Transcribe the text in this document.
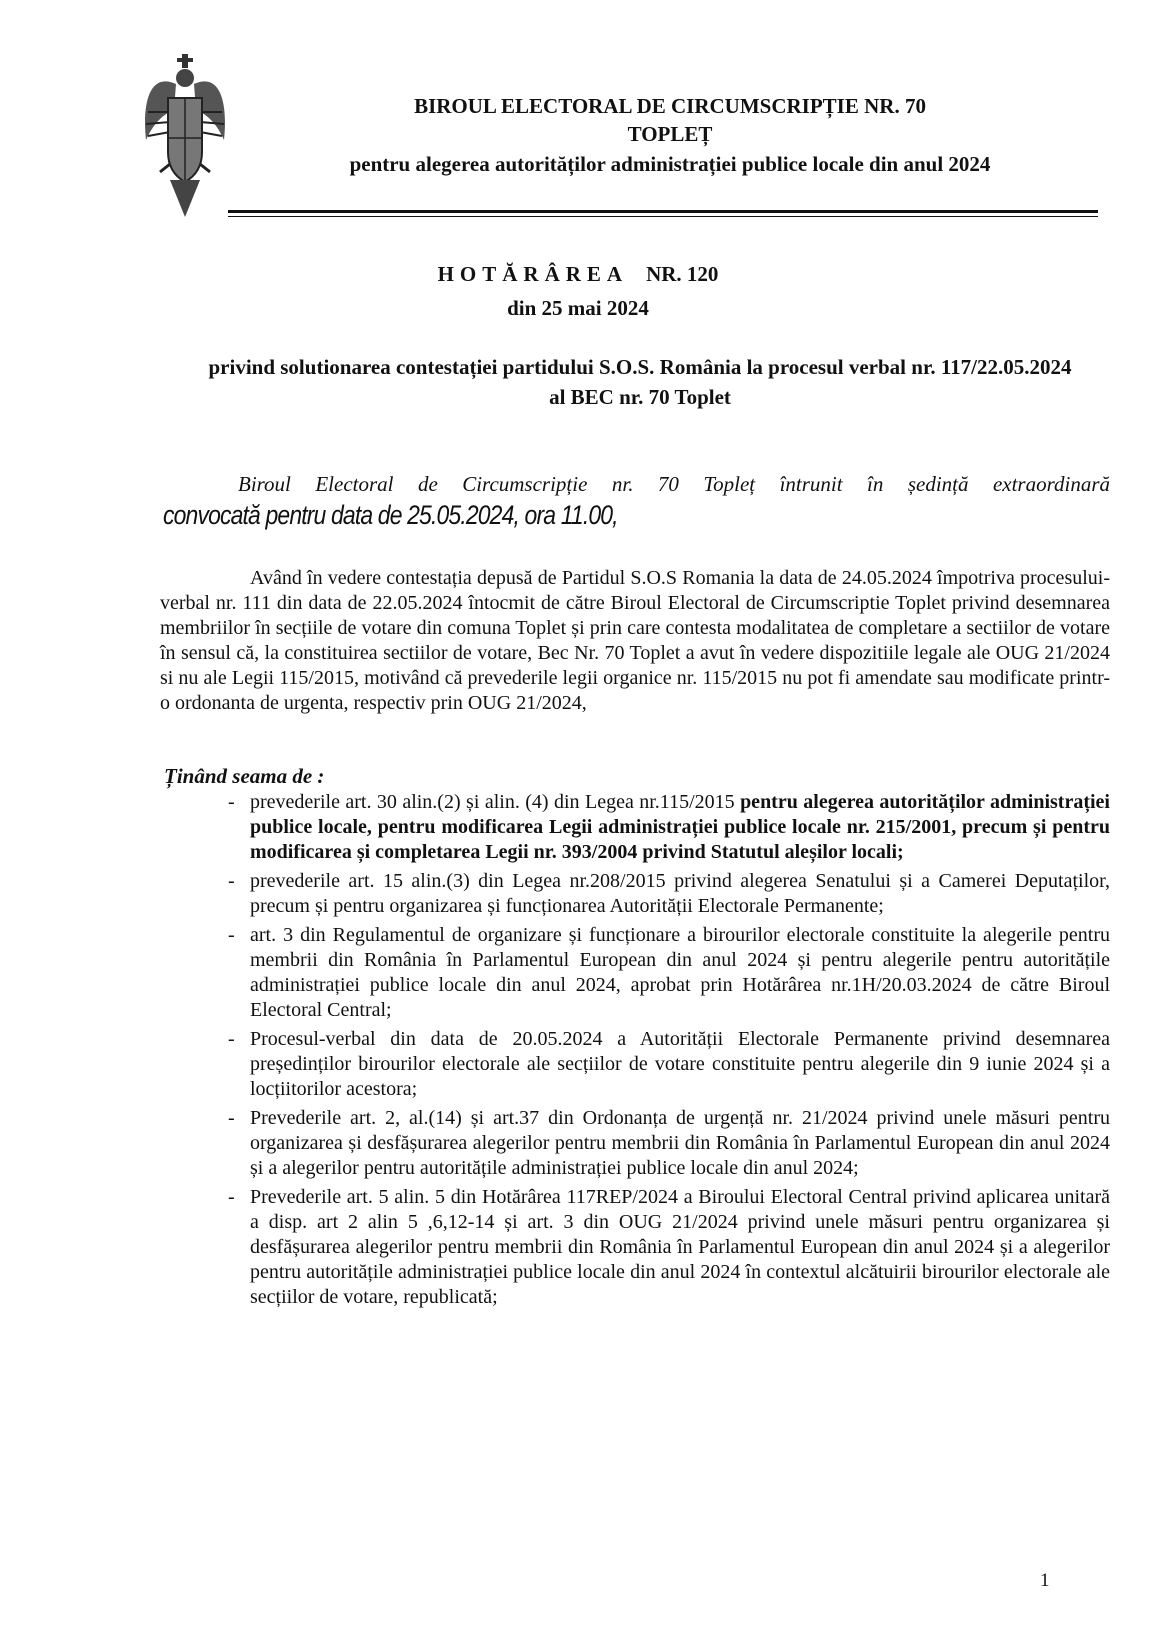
BIROUL ELECTORAL DE CIRCUMSCRIPȚIE NR. 70
TOPLEȚ
pentru alegerea autorităților administrației publice locale din anul 2024
HOTĂRÂREA NR. 120
din 25 mai 2024
privind solutionarea contestației partidului S.O.S. România la procesul verbal nr. 117/22.05.2024 al BEC nr. 70 Toplet
Biroul Electoral de Circumscripție nr. 70 Topleț întrunit în ședință extraordinară
convocată pentru data de 25.05.2024, ora 11.00,
Având în vedere contestația depusă de Partidul S.O.S Romania la data de 24.05.2024 împotriva procesului-verbal nr. 111 din data de 22.05.2024 întocmit de către Biroul Electoral de Circumscriptie Toplet privind desemnarea membriilor în secțiile de votare din comuna Toplet și prin care contesta modalitatea de completare a sectiilor de votare în sensul că, la constituirea sectiilor de votare, Bec Nr. 70 Toplet a avut în vedere dispozitiile legale ale OUG 21/2024 si nu ale Legii 115/2015, motivând că prevederile legii organice nr. 115/2015 nu pot fi amendate sau modificate printr-o ordonanta de urgenta, respectiv prin OUG 21/2024,
Ținând seama de :
- prevederile art. 30 alin.(2) și alin. (4) din Legea nr.115/2015 pentru alegerea autorităților administrației publice locale, pentru modificarea Legii administrației publice locale nr. 215/2001, precum și pentru modificarea și completarea Legii nr. 393/2004 privind Statutul aleșilor locali;
- prevederile art. 15 alin.(3) din Legea nr.208/2015 privind alegerea Senatului și a Camerei Deputaților, precum și pentru organizarea și funcționarea Autorității Electorale Permanente;
- art. 3 din Regulamentul de organizare și funcționare a birourilor electorale constituite la alegerile pentru membrii din România în Parlamentul European din anul 2024 și pentru alegerile pentru autoritățile administrației publice locale din anul 2024, aprobat prin Hotărârea nr.1H/20.03.2024 de către Biroul Electoral Central;
- Procesul-verbal din data de 20.05.2024 a Autorității Electorale Permanente privind desemnarea președinților birourilor electorale ale secțiilor de votare constituite pentru alegerile din 9 iunie 2024 și a locțiitorilor acestora;
- Prevederile art. 2, al.(14) și art.37 din Ordonanța de urgență nr. 21/2024 privind unele măsuri pentru organizarea și desfășurarea alegerilor pentru membrii din România în Parlamentul European din anul 2024 și a alegerilor pentru autoritățile administrației publice locale din anul 2024;
- Prevederile art. 5 alin. 5 din Hotărârea 117REP/2024 a Biroului Electoral Central privind aplicarea unitară a disp. art 2 alin 5 ,6,12-14 și art. 3 din OUG 21/2024 privind unele măsuri pentru organizarea și desfășurarea alegerilor pentru membrii din România în Parlamentul European din anul 2024 și a alegerilor pentru autoritățile administrației publice locale din anul 2024 în contextul alcătuirii birourilor electorale ale secțiilor de votare, republicată;
1
